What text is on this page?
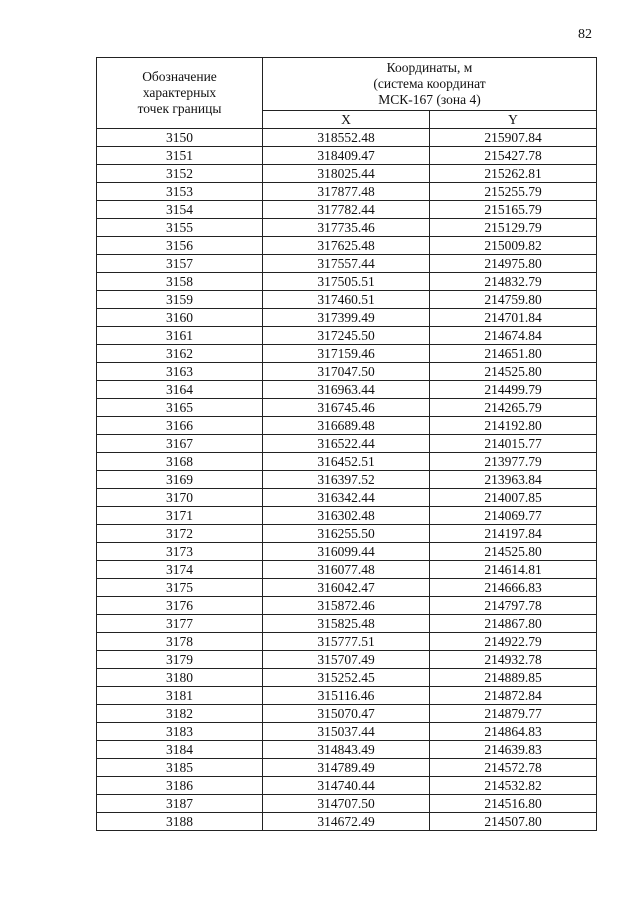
82
Обозначение
характерных
точек границы	Координаты, м
(система координат
МСК-167 (зона 4)	

	X	Y
3150	318552.48	215907.84
3151	318409.47	215427.78
3152	318025.44	215262.81
3153	317877.48	215255.79
3154	317782.44	215165.79
3155	317735.46	215129.79
3156	317625.48	215009.82
3157	317557.44	214975.80
3158	317505.51	214832.79
3159	317460.51	214759.80
3160	317399.49	214701.84
3161	317245.50	214674.84
3162	317159.46	214651.80
3163	317047.50	214525.80
3164	316963.44	214499.79
3165	316745.46	214265.79
3166	316689.48	214192.80
3167	316522.44	214015.77
3168	316452.51	213977.79
3169	316397.52	213963.84
3170	316342.44	214007.85
3171	316302.48	214069.77
3172	316255.50	214197.84
3173	316099.44	214525.80
3174	316077.48	214614.81
3175	316042.47	214666.83
3176	315872.46	214797.78
3177	315825.48	214867.80
3178	315777.51	214922.79
3179	315707.49	214932.78
3180	315252.45	214889.85
3181	315116.46	214872.84
3182	315070.47	214879.77
3183	315037.44	214864.83
3184	314843.49	214639.83
3185	314789.49	214572.78
3186	314740.44	214532.82
3187	314707.50	214516.80
3188	314672.49	214507.80
